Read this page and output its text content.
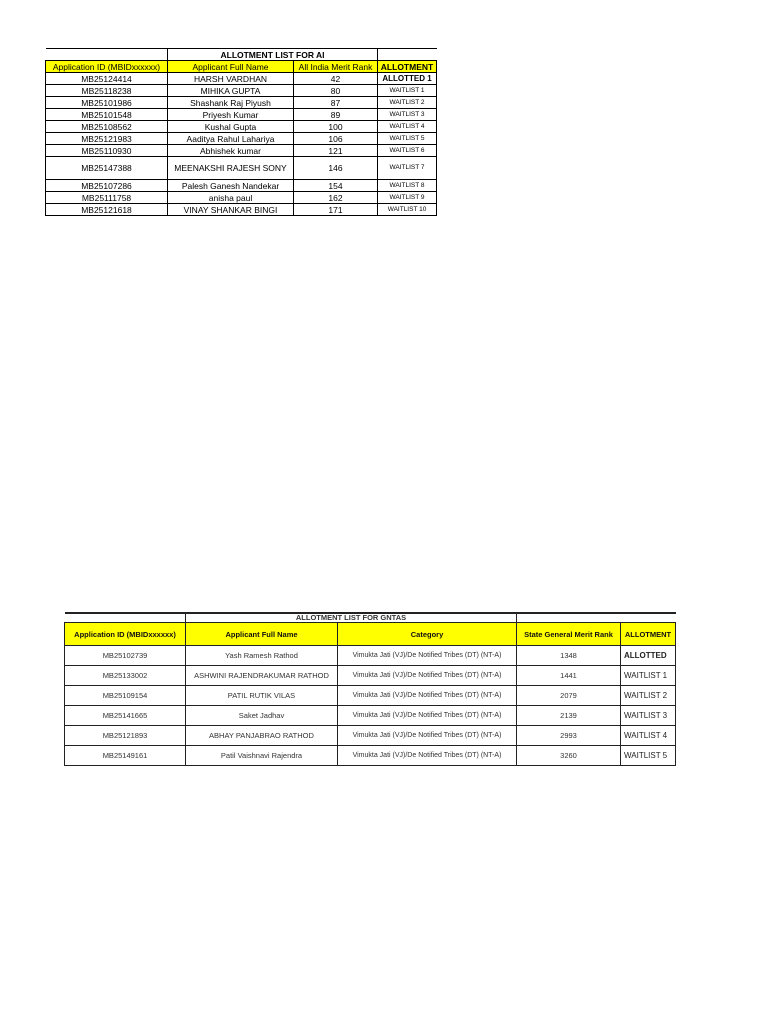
	ALLOTMENT LIST FOR AI		
Application ID (MBIDxxxxxx)	Applicant Full Name	All India Merit Rank	ALLOTMENT
MB25124414	HARSH VARDHAN	42	ALLOTTED 1
MB25118238	MIHIKA GUPTA	80	WAITLIST 1
MB25101986	Shashank Raj Piyush	87	WAITLIST 2
MB25101548	Priyesh Kumar	89	WAITLIST 3
MB25108562	Kushal Gupta	100	WAITLIST 4
MB25121983	Aaditya Rahul Lahariya	106	WAITLIST 5
MB25110930	Abhishek kumar	121	WAITLIST 6
MB25147388	MEENAKSHI RAJESH SONY	146	WAITLIST 7
MB25107286	Palesh Ganesh Nandekar	154	WAITLIST 8
MB25111758	anisha paul	162	WAITLIST 9
MB25121618	VINAY SHANKAR BINGI	171	WAITLIST 10
	ALLOTMENT LIST FOR GNTAS			
Application ID (MBIDxxxxxx)	Applicant Full Name	Category	State General Merit Rank	ALLOTMENT
MB25102739	Yash Ramesh Rathod	Vimukta Jati (VJ)/De Notified Tribes (DT) (NT-A)	1348	ALLOTTED
MB25133002	ASHWINI RAJENDRAKUMAR RATHOD	Vimukta Jati (VJ)/De Notified Tribes (DT) (NT-A)	1441	WAITLIST 1
MB25109154	PATIL RUTIK VILAS	Vimukta Jati (VJ)/De Notified Tribes (DT) (NT-A)	2079	WAITLIST 2
MB25141665	Saket Jadhav	Vimukta Jati (VJ)/De Notified Tribes (DT) (NT-A)	2139	WAITLIST 3
MB25121893	ABHAY PANJABRAO RATHOD	Vimukta Jati (VJ)/De Notified Tribes (DT) (NT-A)	2993	WAITLIST 4
MB25149161	Patil Vaishnavi Rajendra	Vimukta Jati (VJ)/De Notified Tribes (DT) (NT-A)	3260	WAITLIST 5
